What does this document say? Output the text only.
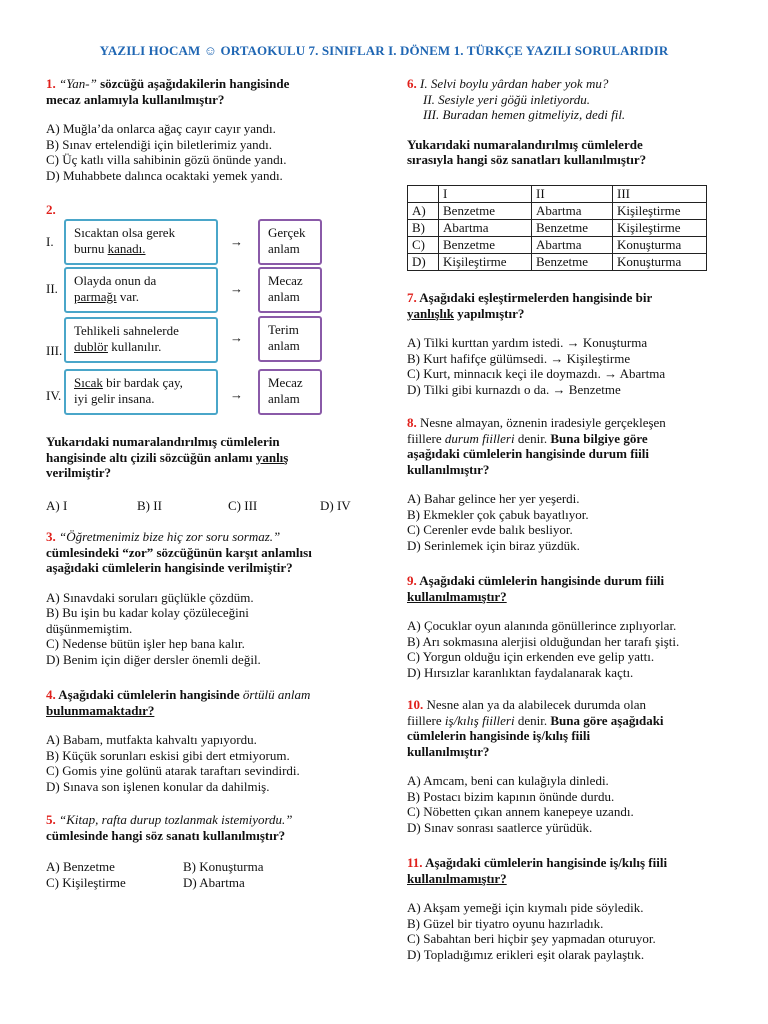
YAZILI HOCAM ☺ ORTAOKULU 7. SINIFLAR I. DÖNEM 1. TÜRKÇE YAZILI SORULARIDIR
1. “Yan-” sözcüğü aşağıdakilerin hangisinde
mecaz anlamıyla kullanılmıştır?
A) Muğla’da onlarca ağaç cayır cayır yandı.
B) Sınav ertelendiği için biletlerimiz yandı.
C) Üç katlı villa sahibinin gözü önünde yandı.
D) Muhabbete dalınca ocaktaki yemek yandı.
2.
I.
Sıcaktan olsa gerek
burnu kanadı.	→
Gerçek
anlam
II.
Olayda onun da
parmağı var.
→
Mecaz
anlam
III.
Tehlikeli sahnelerde
dublör kullanılır.
→
Terim
anlam
IV.
Sıcak bir bardak çay,
iyi gelir insana.	→
Mecaz
anlam
Yukarıdaki numaralandırılmış cümlelerin
hangisinde altı çizili sözcüğün anlamı yanlış
verilmiştir?
A) I	B) II	C) III	D) IV
3. “Öğretmenimiz bize hiç zor soru sormaz.”
cümlesindeki “zor” sözcüğünün karşıt anlamlısı
aşağıdaki cümlelerin hangisinde verilmiştir?
A) Sınavdaki soruları güçlükle çözdüm.
B) Bu işin bu kadar kolay çözüleceğini
düşünmemiştim.
C) Nedense bütün işler hep bana kalır.
D) Benim için diğer dersler önemli değil.
4. Aşağıdaki cümlelerin hangisinde örtülü anlam
bulunmamaktadır?
A) Babam, mutfakta kahvaltı yapıyordu.
B) Küçük sorunları eskisi gibi dert etmiyorum.
C) Gomis yine golünü atarak taraftarı sevindirdi.
D) Sınava son işlenen konular da dahilmiş.
5. “Kitap, rafta durup tozlanmak istemiyordu.”
cümlesinde hangi söz sanatı kullanılmıştır?
A) Benzetme	B) Konuşturma
C) Kişileştirme	D) Abartma
6. I. Selvi boylu yârdan haber yok mu?
II. Sesiyle yeri göğü inletiyordu.
III. Buradan hemen gitmeliyiz, dedi fil.
Yukarıdaki numaralandırılmış cümlelerde
sırasıyla hangi söz sanatları kullanılmıştır?
	I	II	III
A)	Benzetme	Abartma	Kişileştirme
B)	Abartma	Benzetme	Kişileştirme
C)	Benzetme	Abartma	Konuşturma
D)	Kişileştirme	Benzetme	Konuşturma
7. Aşağıdaki eşleştirmelerden hangisinde bir
yanlışlık yapılmıştır?
A) Tilki kurttan yardım istedi. → Konuşturma
B) Kurt hafifçe gülümsedi. → Kişileştirme
C) Kurt, minnacık keçi ile doymazdı. → Abartma
D) Tilki gibi kurnazdı o da. → Benzetme
8. Nesne almayan, öznenin iradesiyle gerçekleşen
fiillere durum fiilleri denir. Buna bilgiye göre
aşağıdaki cümlelerin hangisinde durum fiili
kullanılmıştır?
A) Bahar gelince her yer yeşerdi.
B) Ekmekler çok çabuk bayatlıyor.
C) Cerenler evde balık besliyor.
D) Serinlemek için biraz yüzdük.
9. Aşağıdaki cümlelerin hangisinde durum fiili
kullanılmamıştır?
A) Çocuklar oyun alanında gönüllerince zıplıyorlar.
B) Arı sokmasına alerjisi olduğundan her tarafı şişti.
C) Yorgun olduğu için erkenden eve gelip yattı.
D) Hırsızlar karanlıktan faydalanarak kaçtı.
10. Nesne alan ya da alabilecek durumda olan
fiillere iş/kılış fiilleri denir. Buna göre aşağıdaki
cümlelerin hangisinde iş/kılış fiili
kullanılmıştır?
A) Amcam, beni can kulağıyla dinledi.
B) Postacı bizim kapının önünde durdu.
C) Nöbetten çıkan annem kanepeye uzandı.
D) Sınav sonrası saatlerce yürüdük.
11. Aşağıdaki cümlelerin hangisinde iş/kılış fiili
kullanılmamıştır?
A) Akşam yemeği için kıymalı pide söyledik.
B) Güzel bir tiyatro oyunu hazırladık.
C) Sabahtan beri hiçbir şey yapmadan oturuyor.
D) Topladığımız erikleri eşit olarak paylaştık.
